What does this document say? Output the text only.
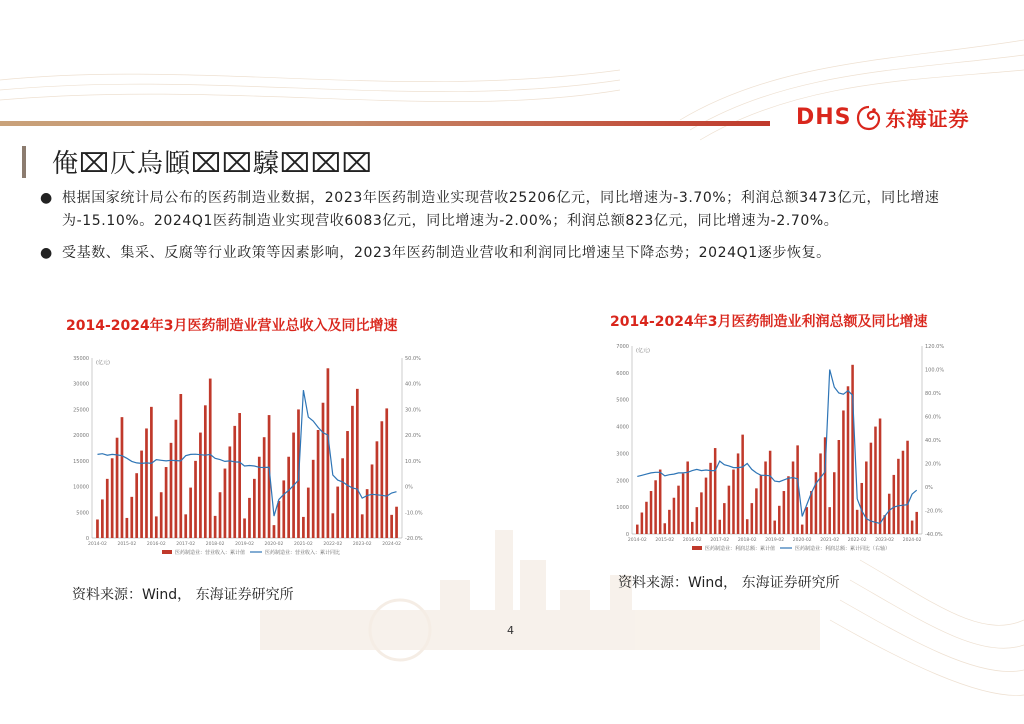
DHS 东海证券
俺⌧仄烏頥⌧⌧驝⌧⌧⌧
● 根据国家统计局公布的医药制造业数据，2023年医药制造业实现营收25206亿元，同比增速为-3.70%；利润总额3473亿元，同比增速为-15.10%。2024Q1医药制造业实现营收6083亿元，同比增速为-2.00%；利润总额823亿元，同比增速为-2.70%。
● 受基数、集采、反腐等行业政策等因素影响，2023年医药制造业营收和利润同比增速呈下降态势；2024Q1逐步恢复。
2014-2024年3月医药制造业营业总收入及同比增速
0
5000
10000
15000
20000
25000
30000
35000
-20.0%
-10.0%
0%
10.0%
20.0%
30.0%
40.0%
50.0%
(亿元)
2014-02 2015-02 2016-02 2017-02 2018-02 2019-02 2020-02 2021-02 2022-02 2023-02 2024-02
医药制造业：营业收入：累计值	医药制造业：营业收入：累计同比
资料来源：Wind， 东海证券研究所
2014-2024年3月医药制造业利润总额及同比增速
0
1000
2000
3000
4000
5000
6000
7000
-40.0%
-20.0%
0%
20.0%
40.0%
60.0%
80.0%
100.0%
120.0%
(亿元)
2014-02 2015-02 2016-02 2017-02 2018-02 2019-02 2020-02 2021-02 2022-02 2023-02 2024-02
医药制造业：利润总额：累计值	医药制造业：利润总额：累计同比（右轴）
资料来源：Wind， 东海证券研究所
4
